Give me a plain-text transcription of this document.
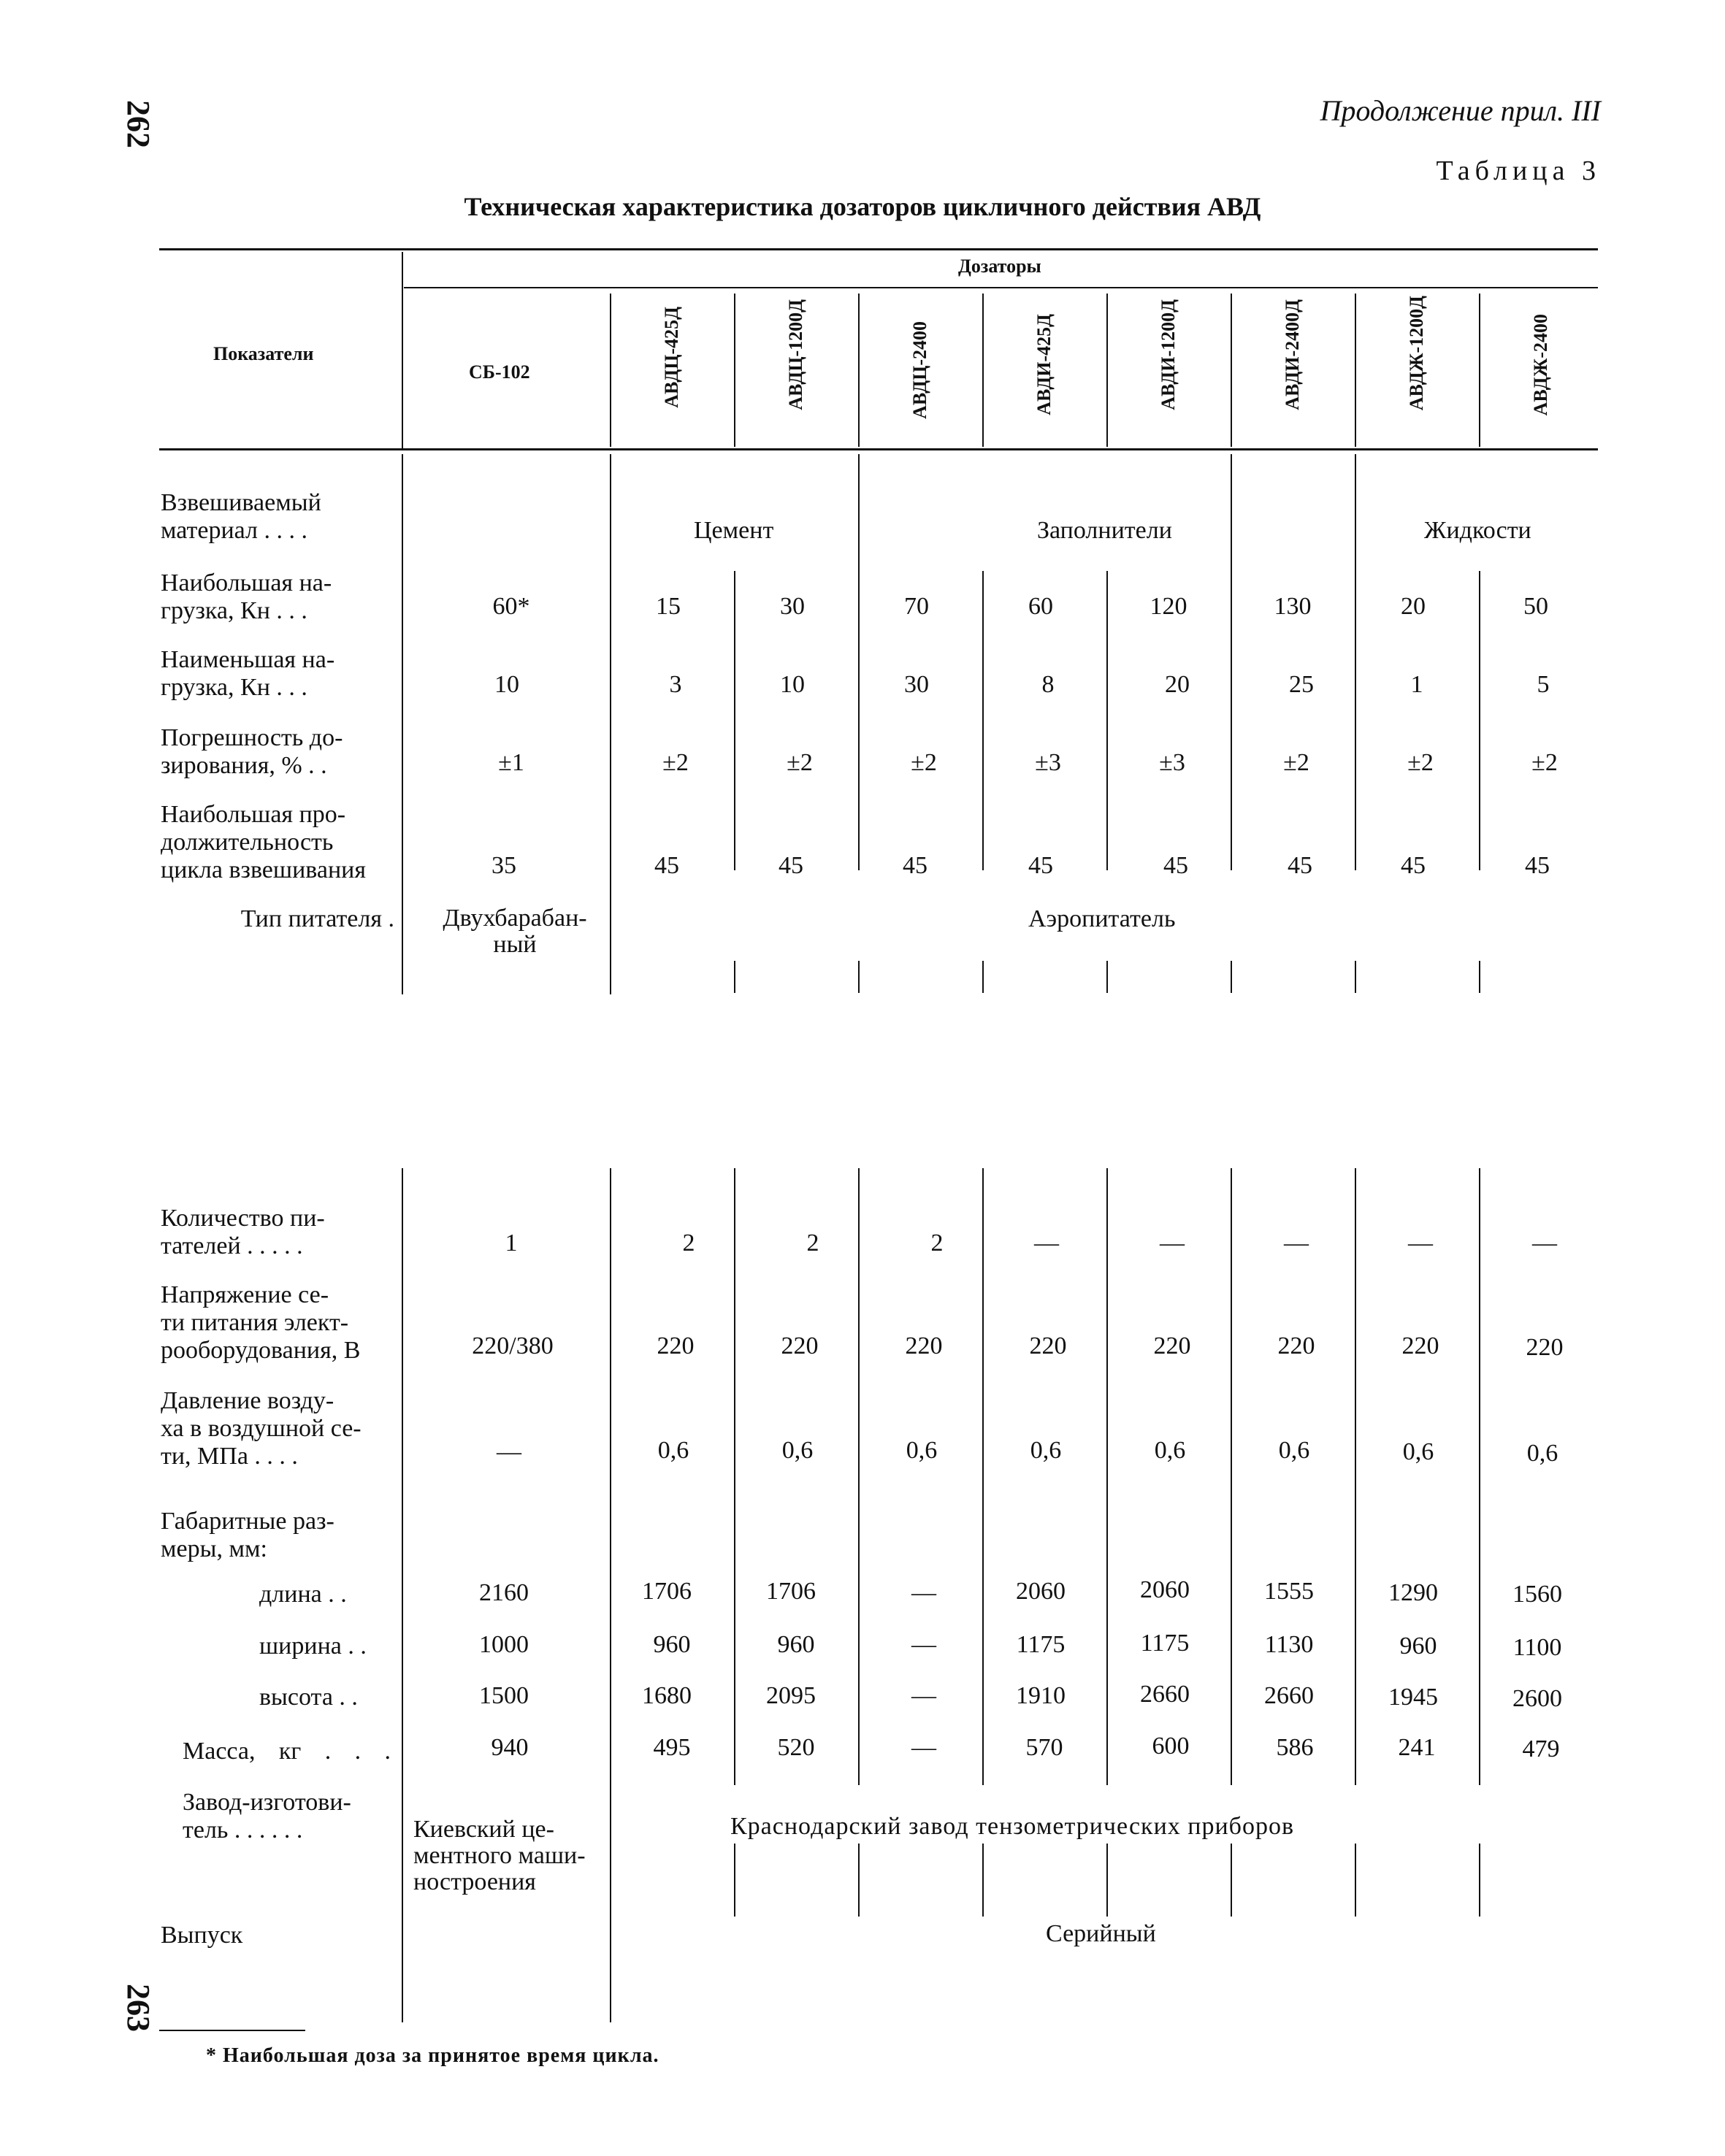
262
263
Продолжение прил. III
Таблица 3
Техническая характеристика дозаторов цикличного действия АВД
Показатели
Дозаторы
СБ-102	АВДЦ-425Д	АВДЦ-1200Д	АВДЦ-2400	АВДИ-425Д	АВДИ-1200Д	АВДИ-2400Д	АВДЖ-1200Д	АВДЖ-2400
Взвешиваемый
материал . . . .	Цемент	Заполнители	Жидкости
Наибольшая на-
грузка, Кн . . .	60*	15	30	70	60	120	130	20	50
Наименьшая на-
грузка, Кн . . .	10	3	10	30	8	20	25	1	5
Погрешность до-
зирования, % . .	±1	±2	±2	±2	±3	±3	±2	±2	±2
Наибольшая про-
должительность
цикла взвешивания	35	45	45	45	45	45	45	45	45
Тип питателя .	Двухбарабан-
ный
Аэропитатель
Количество пи-
тателей . . . . .	1	2	2	2	—	—	—	—	—
Напряжение се-
ти питания элект-
рооборудования, В	220/380	220	220	220	220	220	220	220	220
Давление возду-
ха в воздушной се-
ти, МПа . . . .	—	0,6	0,6	0,6	0,6	0,6	0,6	0,6	0,6
Габаритные раз-
меры, мм:
длина . .	2160	1706	1706	—	2060	2060	1555	1290	1560
ширина . .	1000	960	960	—	1175	1175	1130	960	1100
высота . .	1500	1680	2095	—	1910	2660	2660	1945	2600
Масса, кг . . .	940	495	520	—	570	600	586	241	479
Завод-изготови-
тель . . . . . .	Киевский це-
ментного маши-
ностроения
Краснодарский завод тензометрических приборов
Выпуск	Серийный
* Наибольшая доза за принятое время цикла.
